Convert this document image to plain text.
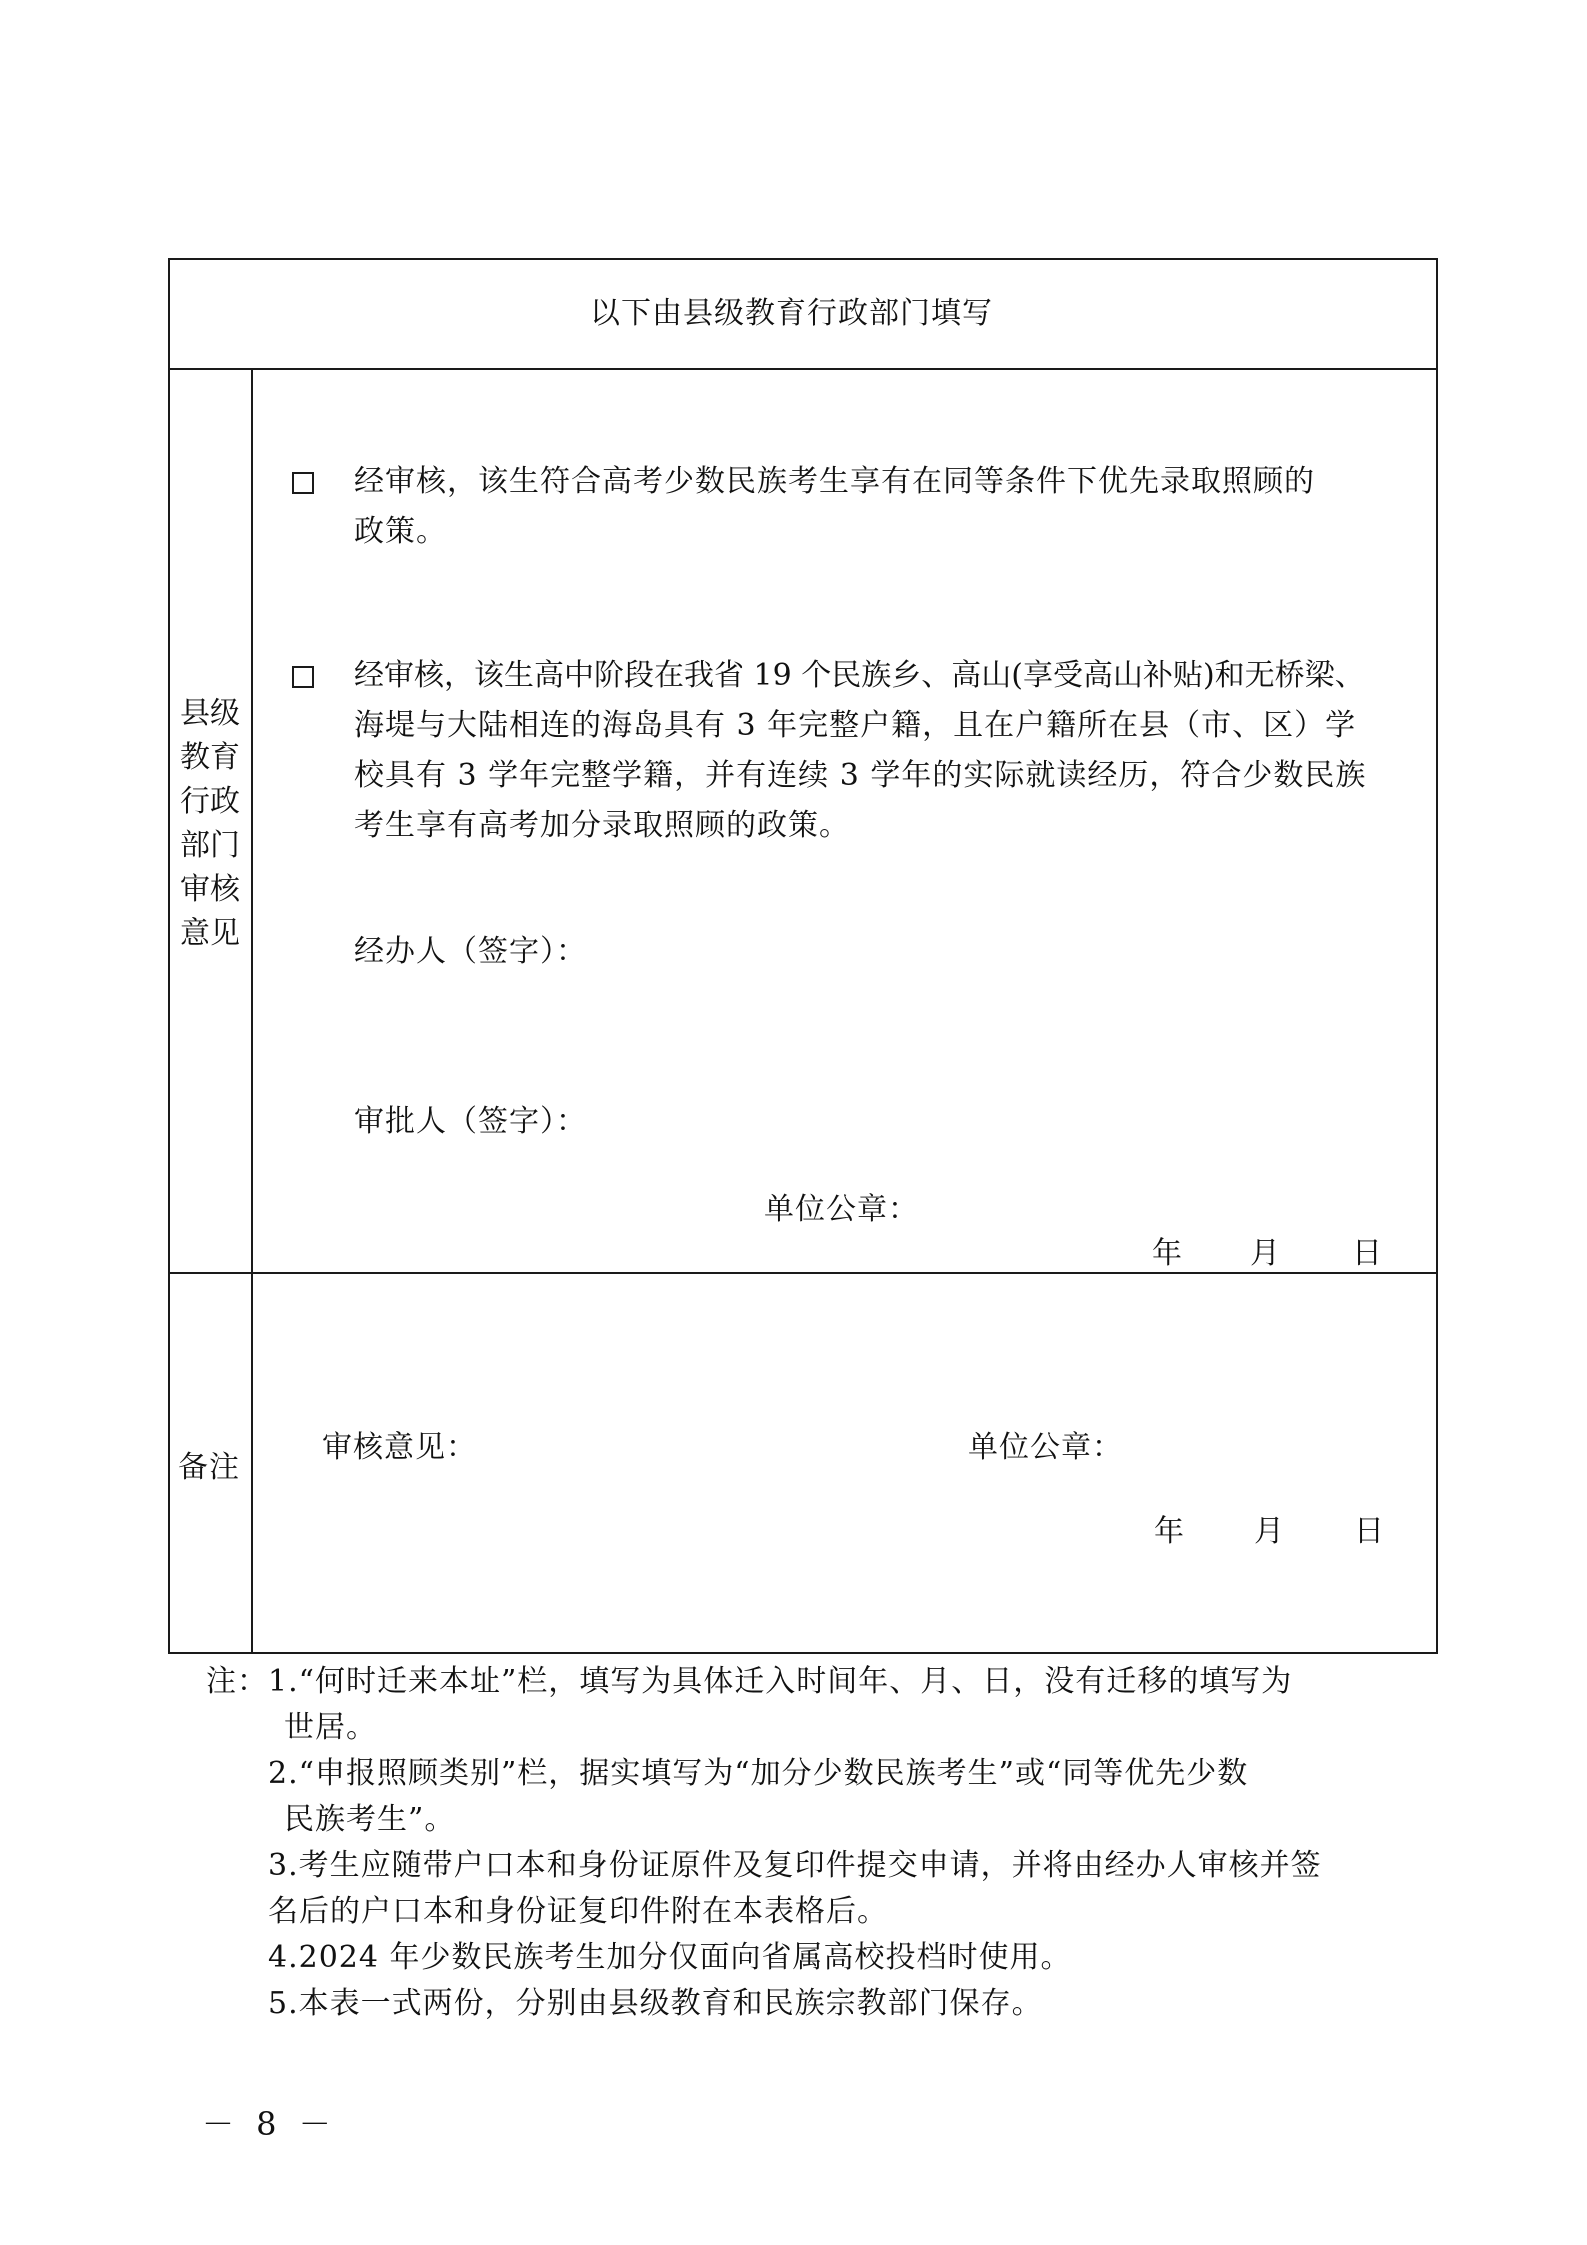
以下由县级教育行政部门填写
县级
教育
行政
部门
审核
意见
经审核，该生符合高考少数民族考生享有在同等条件下优先录取照顾的
政策。
经审核，该生高中阶段在我省 19 个民族乡、高山(享受高山补贴)和无桥梁、
海堤与大陆相连的海岛具有 3 年完整户籍，且在户籍所在县（市、区）学
校具有 3 学年完整学籍，并有连续 3 学年的实际就读经历，符合少数民族
考生享有高考加分录取照顾的政策。
经办人（签字）：
审批人（签字）：
单位公章：
年 月 日
备注
审核意见：	单位公章：
年 月 日
注： 1.“何时迁来本址”栏，填写为具体迁入时间年、月、日，没有迁移的填写为
世居。
2.“申报照顾类别”栏，据实填写为“加分少数民族考生”或“同等优先少数
民族考生”。
3.考生应随带户口本和身份证原件及复印件提交申请，并将由经办人审核并签
名后的户口本和身份证复印件附在本表格后。
4.2024 年少数民族考生加分仅面向省属高校投档时使用。
5.本表一式两份，分别由县级教育和民族宗教部门保存。
－ 8 －
